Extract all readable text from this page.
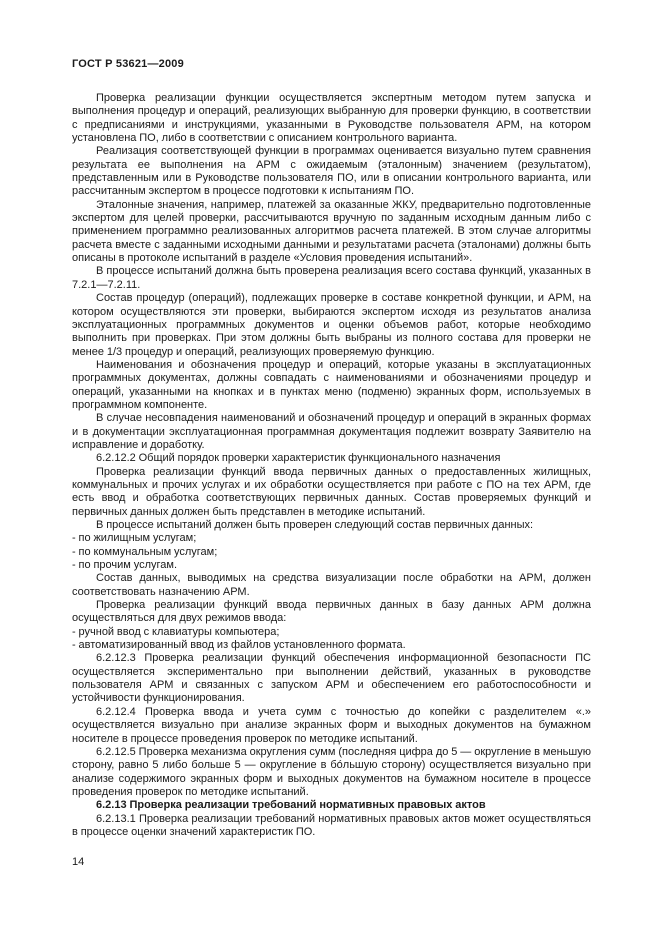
ГОСТ Р 53621—2009

Проверка реализации функции осуществляется экспертным методом путем запуска и выполнения процедур и операций, реализующих выбранную для проверки функцию, в соответствии с предписаниями и инструкциями, указанными в Руководстве пользователя АРМ, на котором установлена ПО, либо в соответствии с описанием контрольного варианта.

Реализация соответствующей функции в программах оценивается визуально путем сравнения результата ее выполнения на АРМ с ожидаемым (эталонным) значением (результатом), представленным или в Руководстве пользователя ПО, или в описании контрольного варианта, или рассчитанным экспертом в процессе подготовки к испытаниям ПО.

Эталонные значения, например, платежей за оказанные ЖКУ, предварительно подготовленные экспертом для целей проверки, рассчитываются вручную по заданным исходным данным либо с применением программно реализованных алгоритмов расчета платежей. В этом случае алгоритмы расчета вместе с заданными исходными данными и результатами расчета (эталонами) должны быть описаны в протоколе испытаний в разделе «Условия проведения испытаний».

В процессе испытаний должна быть проверена реализация всего состава функций, указанных в 7.2.1—7.2.11.

Состав процедур (операций), подлежащих проверке в составе конкретной функции, и АРМ, на котором осуществляются эти проверки, выбираются экспертом исходя из результатов анализа эксплуатационных программных документов и оценки объемов работ, которые необходимо выполнить при проверках. При этом должны быть выбраны из полного состава для проверки не менее 1/3 процедур и операций, реализующих проверяемую функцию.

Наименования и обозначения процедур и операций, которые указаны в эксплуатационных программных документах, должны совпадать с наименованиями и обозначениями процедур и операций, указанными на кнопках и в пунктах меню (подменю) экранных форм, используемых в программном компоненте.

В случае несовпадения наименований и обозначений процедур и операций в экранных формах и в документации эксплуатационная программная документация подлежит возврату Заявителю на исправление и доработку.

6.2.12.2 Общий порядок проверки характеристик функционального назначения

Проверка реализации функций ввода первичных данных о предоставленных жилищных, коммунальных и прочих услугах и их обработки осуществляется при работе с ПО на тех АРМ, где есть ввод и обработка соответствующих первичных данных. Состав проверяемых функций и первичных данных должен быть представлен в методике испытаний.

В процессе испытаний должен быть проверен следующий состав первичных данных:

- по жилищным услугам;

- по коммунальным услугам;

- по прочим услугам.

Состав данных, выводимых на средства визуализации после обработки на АРМ, должен соответствовать назначению АРМ.

Проверка реализации функций ввода первичных данных в базу данных АРМ должна осуществляться для двух режимов ввода:

- ручной ввод с клавиатуры компьютера;

- автоматизированный ввод из файлов установленного формата.

6.2.12.3 Проверка реализации функций обеспечения информационной безопасности ПС осуществляется экспериментально при выполнении действий, указанных в руководстве пользователя АРМ и связанных с запуском АРМ и обеспечением его работоспособности и устойчивости функционирования.

6.2.12.4 Проверка ввода и учета сумм с точностью до копейки с разделителем «.» осуществляется визуально при анализе экранных форм и выходных документов на бумажном носителе в процессе проведения проверок по методике испытаний.

6.2.12.5 Проверка механизма округления сумм (последняя цифра до 5 — округление в меньшую сторону, равно 5 либо больше 5 — округление в бо́льшую сторону) осуществляется визуально при анализе содержимого экранных форм и выходных документов на бумажном носителе в процессе проведения проверок по методике испытаний.

6.2.13 Проверка реализации требований нормативных правовых актов

6.2.13.1 Проверка реализации требований нормативных правовых актов может осуществляться в процессе оценки значений характеристик ПО.

14
